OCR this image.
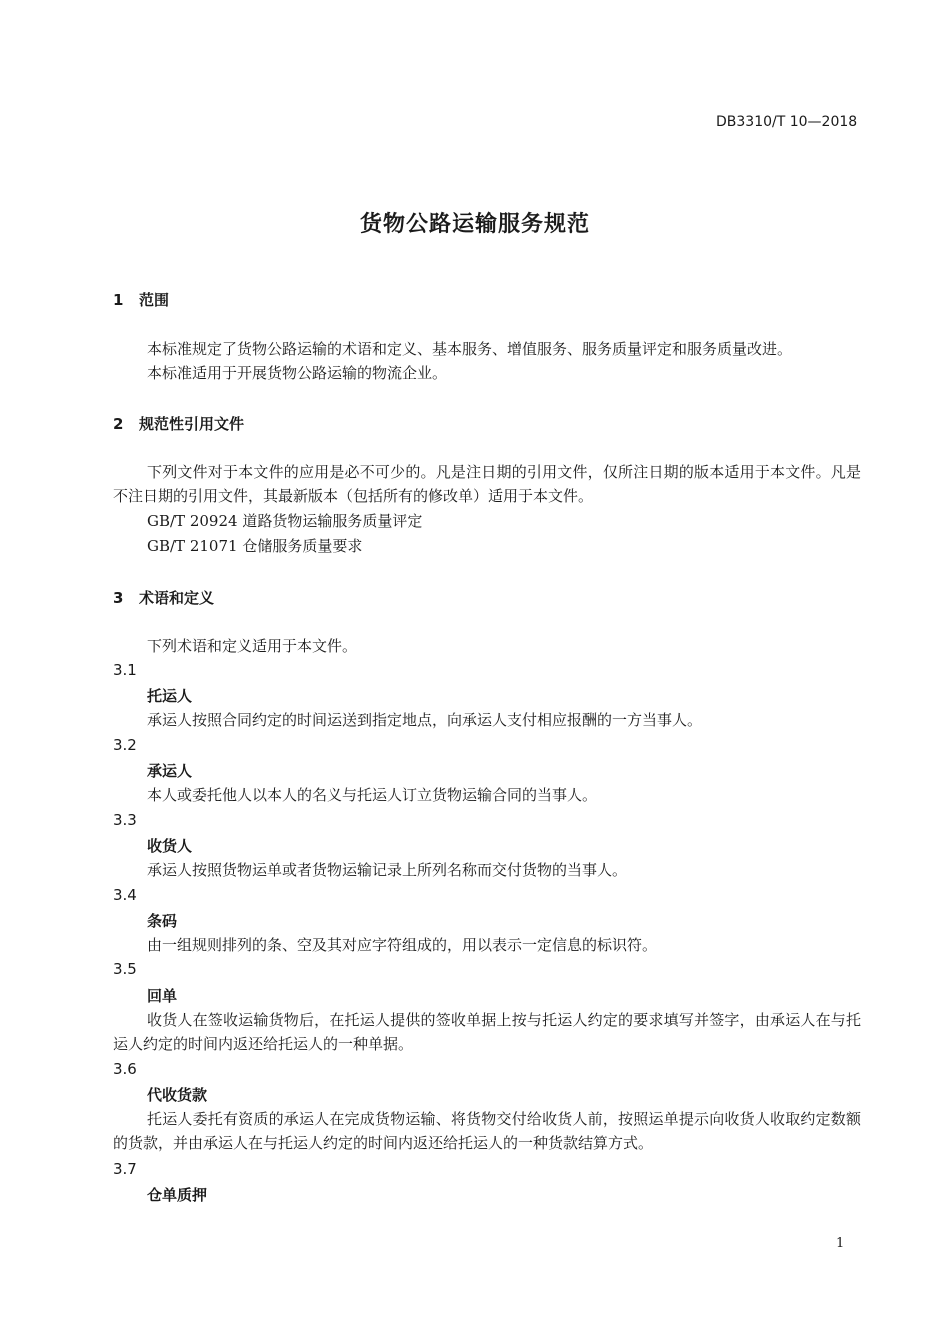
DB3310/T 10—2018
货物公路运输服务规范
1 范围
本标准规定了货物公路运输的术语和定义、基本服务、增值服务、服务质量评定和服务质量改进。
本标准适用于开展货物公路运输的物流企业。
2 规范性引用文件
下列文件对于本文件的应用是必不可少的。凡是注日期的引用文件，仅所注日期的版本适用于本文件。凡是不注日期的引用文件，其最新版本（包括所有的修改单）适用于本文件。
GB/T 20924 道路货物运输服务质量评定
GB/T 21071 仓储服务质量要求
3 术语和定义
下列术语和定义适用于本文件。
3.1
托运人
承运人按照合同约定的时间运送到指定地点，向承运人支付相应报酬的一方当事人。
3.2
承运人
本人或委托他人以本人的名义与托运人订立货物运输合同的当事人。
3.3
收货人
承运人按照货物运单或者货物运输记录上所列名称而交付货物的当事人。
3.4
条码
由一组规则排列的条、空及其对应字符组成的，用以表示一定信息的标识符。
3.5
回单
收货人在签收运输货物后，在托运人提供的签收单据上按与托运人约定的要求填写并签字，由承运人在与托运人约定的时间内返还给托运人的一种单据。
3.6
代收货款
托运人委托有资质的承运人在完成货物运输、将货物交付给收货人前，按照运单提示向收货人收取约定数额的货款，并由承运人在与托运人约定的时间内返还给托运人的一种货款结算方式。
3.7
仓单质押
1
